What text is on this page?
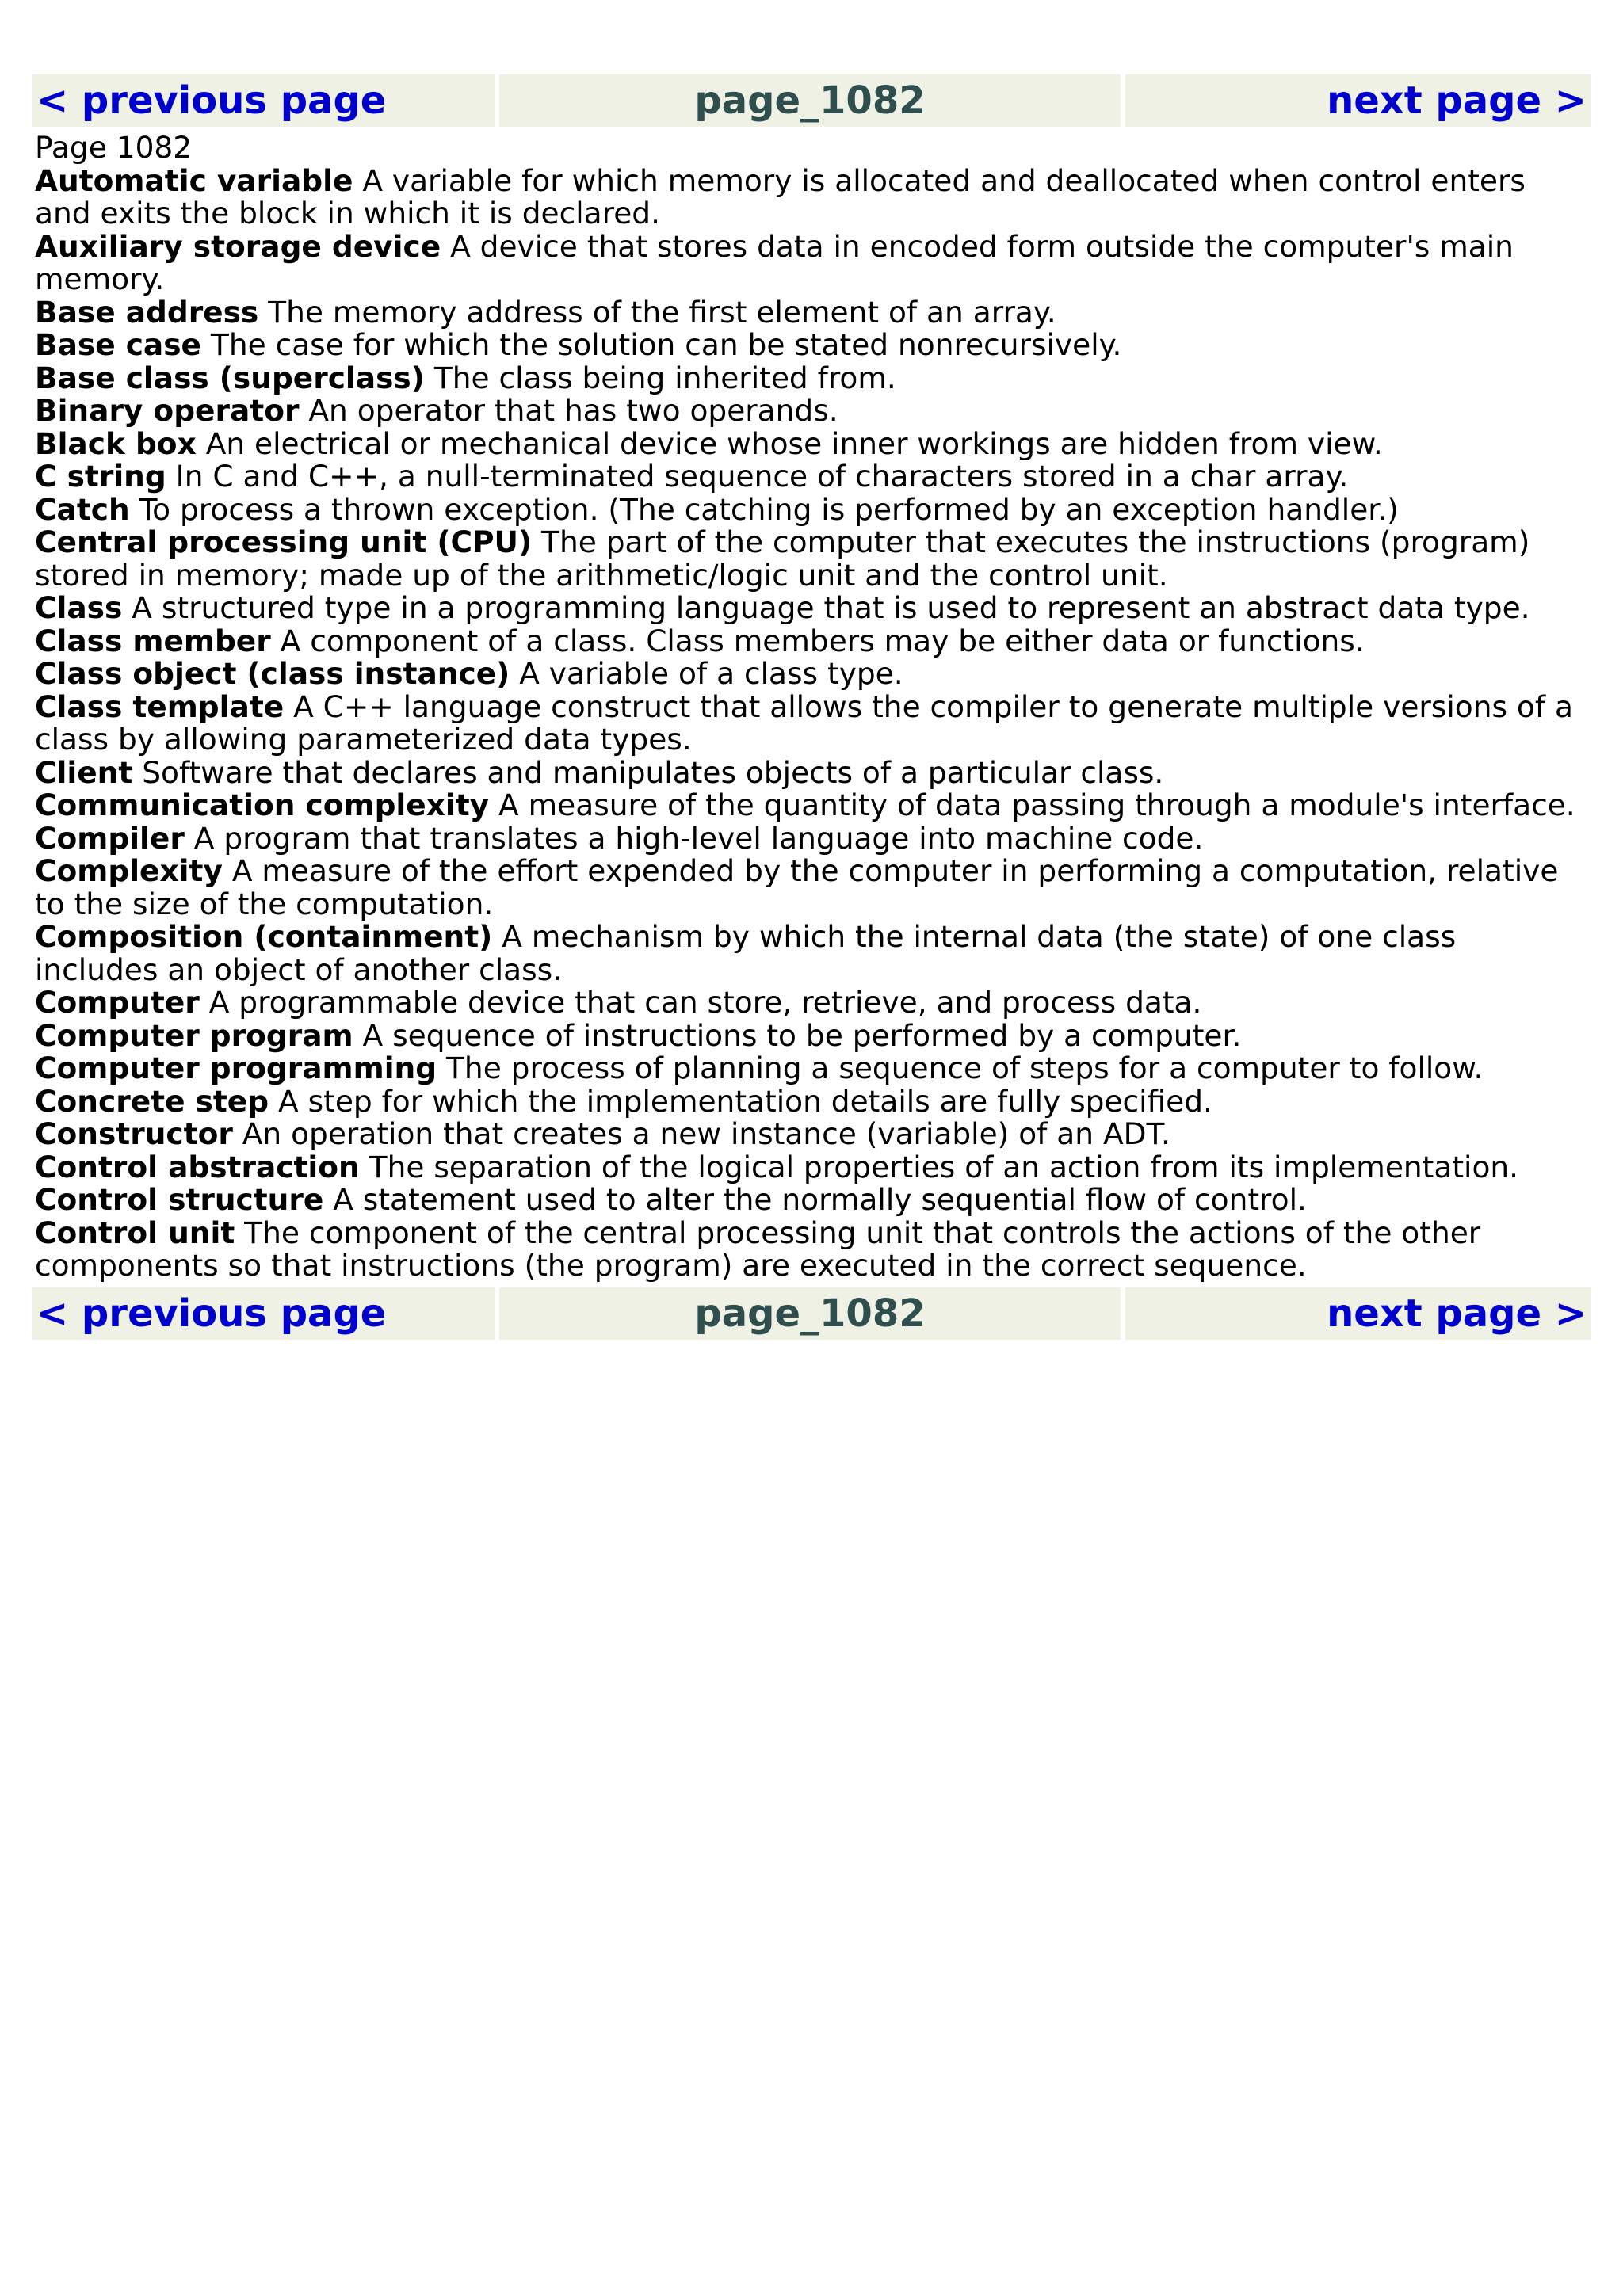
< previous page	page_1082	next page >
Page 1082

Automatic variable A variable for which memory is allocated and deallocated when control enters and exits the block in which it is declared.

Auxiliary storage device A device that stores data in encoded form outside the computer's main memory.

Base address The memory address of the first element of an array.

Base case The case for which the solution can be stated nonrecursively.

Base class (superclass) The class being inherited from.

Binary operator An operator that has two operands.

Black box An electrical or mechanical device whose inner workings are hidden from view.

C string In C and C++, a null-terminated sequence of characters stored in a char array.

Catch To process a thrown exception. (The catching is performed by an exception handler.)

Central processing unit (CPU) The part of the computer that executes the instructions (program) stored in memory; made up of the arithmetic/logic unit and the control unit.

Class A structured type in a programming language that is used to represent an abstract data type.

Class member A component of a class. Class members may be either data or functions.

Class object (class instance) A variable of a class type.

Class template A C++ language construct that allows the compiler to generate multiple versions of a class by allowing parameterized data types.

Client Software that declares and manipulates objects of a particular class.

Communication complexity A measure of the quantity of data passing through a module's interface.

Compiler A program that translates a high-level language into machine code.

Complexity A measure of the effort expended by the computer in performing a computation, relative to the size of the computation.

Composition (containment) A mechanism by which the internal data (the state) of one class includes an object of another class.

Computer A programmable device that can store, retrieve, and process data.

Computer program A sequence of instructions to be performed by a computer.

Computer programming The process of planning a sequence of steps for a computer to follow.

Concrete step A step for which the implementation details are fully specified.

Constructor An operation that creates a new instance (variable) of an ADT.

Control abstraction The separation of the logical properties of an action from its implementation.

Control structure A statement used to alter the normally sequential flow of control.

Control unit The component of the central processing unit that controls the actions of the other components so that instructions (the program) are executed in the correct sequence.

< previous page	page_1082	next page >
